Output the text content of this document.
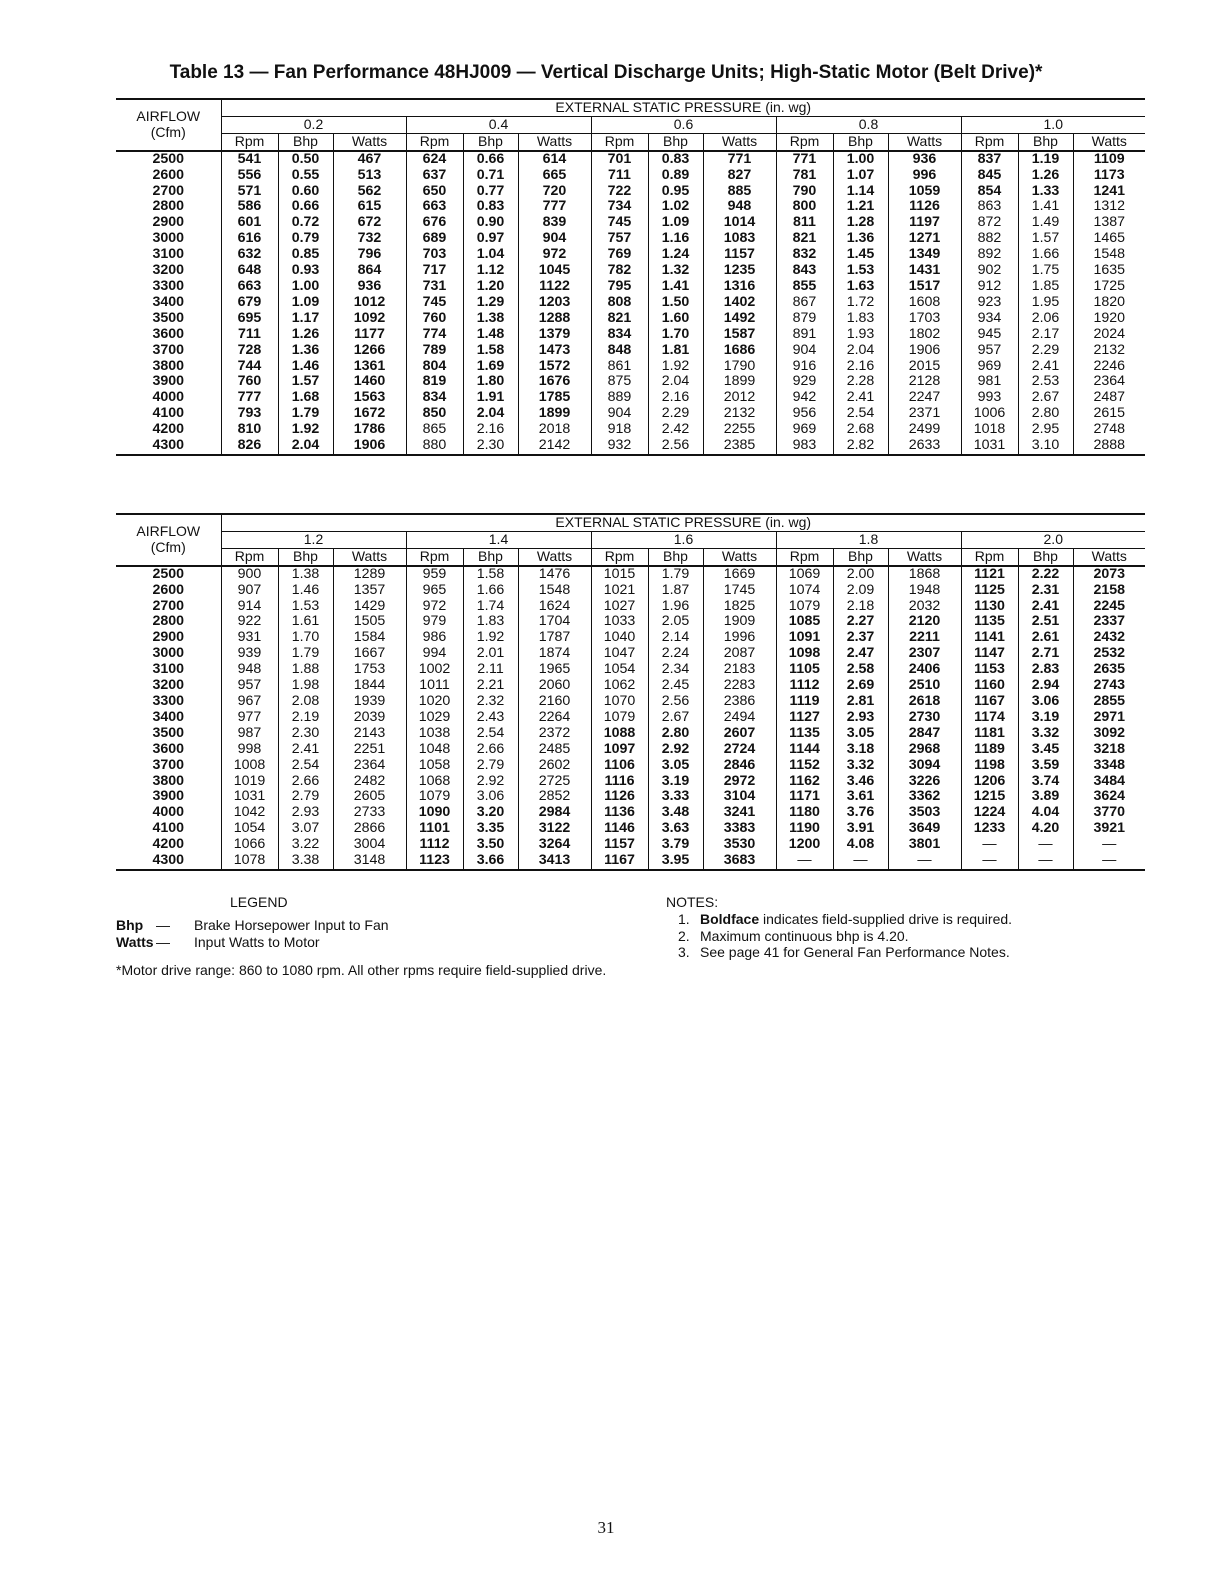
Table 13 — Fan Performance 48HJ009 — Vertical Discharge Units; High-Static Motor (Belt Drive)*
AIRFLOW
(Cfm)	EXTERNAL STATIC PRESSURE (in. wg)														
	0.2			0.4			0.6			0.8			1.0		
	Rpm	Bhp	Watts	Rpm	Bhp	Watts	Rpm	Bhp	Watts	Rpm	Bhp	Watts	Rpm	Bhp	Watts
2500	541	0.50	467	624	0.66	614	701	0.83	771	771	1.00	936	837	1.19	1109
2600	556	0.55	513	637	0.71	665	711	0.89	827	781	1.07	996	845	1.26	1173
2700	571	0.60	562	650	0.77	720	722	0.95	885	790	1.14	1059	854	1.33	1241
2800	586	0.66	615	663	0.83	777	734	1.02	948	800	1.21	1126	863	1.41	1312
2900	601	0.72	672	676	0.90	839	745	1.09	1014	811	1.28	1197	872	1.49	1387
3000	616	0.79	732	689	0.97	904	757	1.16	1083	821	1.36	1271	882	1.57	1465
3100	632	0.85	796	703	1.04	972	769	1.24	1157	832	1.45	1349	892	1.66	1548
3200	648	0.93	864	717	1.12	1045	782	1.32	1235	843	1.53	1431	902	1.75	1635
3300	663	1.00	936	731	1.20	1122	795	1.41	1316	855	1.63	1517	912	1.85	1725
3400	679	1.09	1012	745	1.29	1203	808	1.50	1402	867	1.72	1608	923	1.95	1820
3500	695	1.17	1092	760	1.38	1288	821	1.60	1492	879	1.83	1703	934	2.06	1920
3600	711	1.26	1177	774	1.48	1379	834	1.70	1587	891	1.93	1802	945	2.17	2024
3700	728	1.36	1266	789	1.58	1473	848	1.81	1686	904	2.04	1906	957	2.29	2132
3800	744	1.46	1361	804	1.69	1572	861	1.92	1790	916	2.16	2015	969	2.41	2246
3900	760	1.57	1460	819	1.80	1676	875	2.04	1899	929	2.28	2128	981	2.53	2364
4000	777	1.68	1563	834	1.91	1785	889	2.16	2012	942	2.41	2247	993	2.67	2487
4100	793	1.79	1672	850	2.04	1899	904	2.29	2132	956	2.54	2371	1006	2.80	2615
4200	810	1.92	1786	865	2.16	2018	918	2.42	2255	969	2.68	2499	1018	2.95	2748
4300	826	2.04	1906	880	2.30	2142	932	2.56	2385	983	2.82	2633	1031	3.10	2888
AIRFLOW
(Cfm)	EXTERNAL STATIC PRESSURE (in. wg)														
	1.2			1.4			1.6			1.8			2.0		
	Rpm	Bhp	Watts	Rpm	Bhp	Watts	Rpm	Bhp	Watts	Rpm	Bhp	Watts	Rpm	Bhp	Watts
2500	900	1.38	1289	959	1.58	1476	1015	1.79	1669	1069	2.00	1868	1121	2.22	2073
2600	907	1.46	1357	965	1.66	1548	1021	1.87	1745	1074	2.09	1948	1125	2.31	2158
2700	914	1.53	1429	972	1.74	1624	1027	1.96	1825	1079	2.18	2032	1130	2.41	2245
2800	922	1.61	1505	979	1.83	1704	1033	2.05	1909	1085	2.27	2120	1135	2.51	2337
2900	931	1.70	1584	986	1.92	1787	1040	2.14	1996	1091	2.37	2211	1141	2.61	2432
3000	939	1.79	1667	994	2.01	1874	1047	2.24	2087	1098	2.47	2307	1147	2.71	2532
3100	948	1.88	1753	1002	2.11	1965	1054	2.34	2183	1105	2.58	2406	1153	2.83	2635
3200	957	1.98	1844	1011	2.21	2060	1062	2.45	2283	1112	2.69	2510	1160	2.94	2743
3300	967	2.08	1939	1020	2.32	2160	1070	2.56	2386	1119	2.81	2618	1167	3.06	2855
3400	977	2.19	2039	1029	2.43	2264	1079	2.67	2494	1127	2.93	2730	1174	3.19	2971
3500	987	2.30	2143	1038	2.54	2372	1088	2.80	2607	1135	3.05	2847	1181	3.32	3092
3600	998	2.41	2251	1048	2.66	2485	1097	2.92	2724	1144	3.18	2968	1189	3.45	3218
3700	1008	2.54	2364	1058	2.79	2602	1106	3.05	2846	1152	3.32	3094	1198	3.59	3348
3800	1019	2.66	2482	1068	2.92	2725	1116	3.19	2972	1162	3.46	3226	1206	3.74	3484
3900	1031	2.79	2605	1079	3.06	2852	1126	3.33	3104	1171	3.61	3362	1215	3.89	3624
4000	1042	2.93	2733	1090	3.20	2984	1136	3.48	3241	1180	3.76	3503	1224	4.04	3770
4100	1054	3.07	2866	1101	3.35	3122	1146	3.63	3383	1190	3.91	3649	1233	4.20	3921
4200	1066	3.22	3004	1112	3.50	3264	1157	3.79	3530	1200	4.08	3801	—	—	—
4300	1078	3.38	3148	1123	3.66	3413	1167	3.95	3683	—	—	—	—	—	—
LEGEND
Bhp — Brake Horsepower Input to Fan
Watts — Input Watts to Motor
*Motor drive range: 860 to 1080 rpm. All other rpms require field-supplied drive.
NOTES:
1. Boldface indicates field-supplied drive is required.
2. Maximum continuous bhp is 4.20.
3. See page 41 for General Fan Performance Notes.
31
